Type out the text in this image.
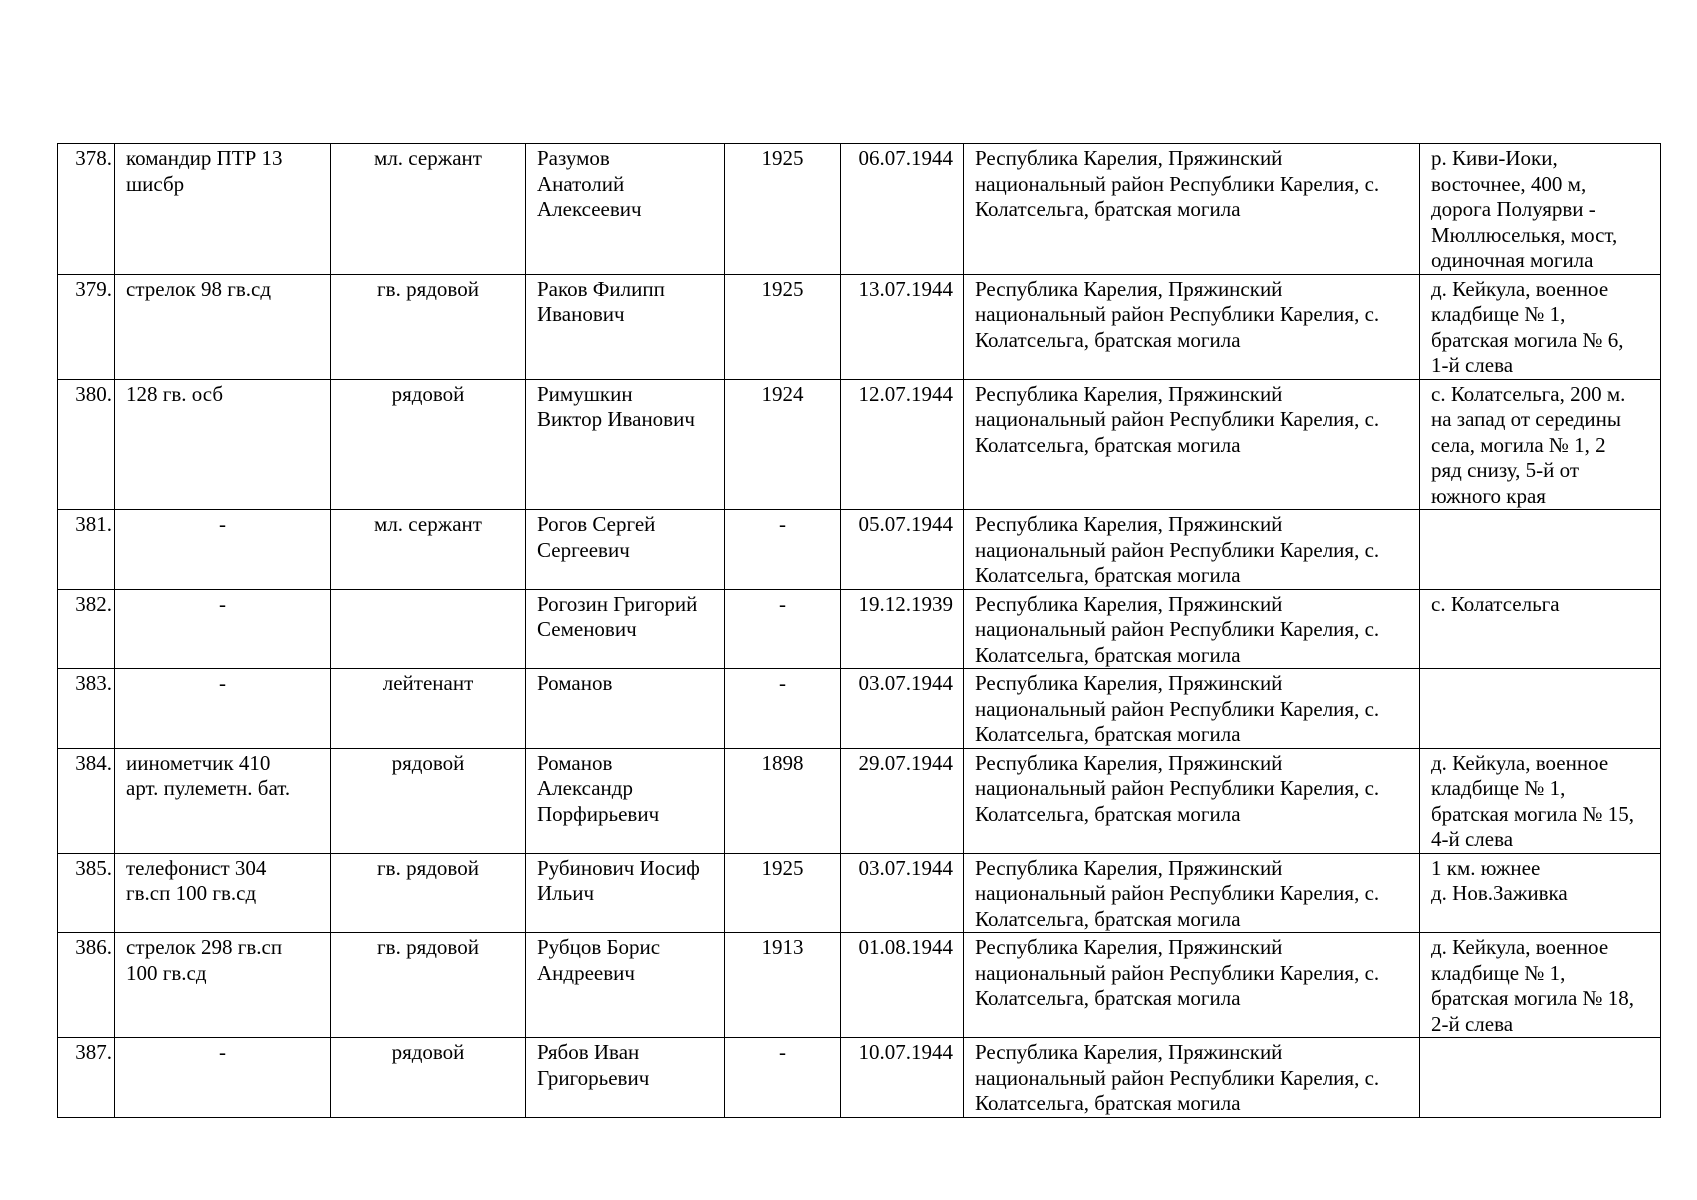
378.	командир ПТР 13
шисбр	мл. сержант	Разумов
Анатолий
Алексеевич	1925	06.07.1944	Республика Карелия, Пряжинский
национальный район Республики Карелия, с.
Колатсельга, братская могила	р. Киви-Иоки,
восточнее, 400 м,
дорога Полуярви -
Мюллюселькя, мост,
одиночная могила

379.	стрелок 98 гв.сд	гв. рядовой	Раков Филипп
Иванович	1925	13.07.1944	Республика Карелия, Пряжинский
национальный район Республики Карелия, с.
Колатсельга, братская могила	д. Кейкула, военное
кладбище № 1,
братская могила № 6,
1-й слева

380.	128 гв. осб	рядовой	Римушкин
Виктор Иванович	1924	12.07.1944	Республика Карелия, Пряжинский
национальный район Республики Карелия, с.
Колатсельга, братская могила	с. Колатсельга, 200 м.
на запад от середины
села, могила № 1, 2
ряд снизу, 5-й от
южного края

381.	-	мл. сержант	Рогов Сергей
Сергеевич	-	05.07.1944	Республика Карелия, Пряжинский
национальный район Республики Карелия, с.
Колатсельга, братская могила	

382.	-		Рогозин Григорий
Семенович	-	19.12.1939	Республика Карелия, Пряжинский
национальный район Республики Карелия, с.
Колатсельга, братская могила	с. Колатсельга

383.	-	лейтенант	Романов	-	03.07.1944	Республика Карелия, Пряжинский
национальный район Республики Карелия, с.
Колатсельга, братская могила	

384.	иинометчик 410
арт. пулеметн. бат.	рядовой	Романов
Александр
Порфирьевич	1898	29.07.1944	Республика Карелия, Пряжинский
национальный район Республики Карелия, с.
Колатсельга, братская могила	д. Кейкула, военное
кладбище № 1,
братская могила № 15,
4-й слева

385.	телефонист 304
гв.сп 100 гв.сд	гв. рядовой	Рубинович Иосиф
Ильич	1925	03.07.1944	Республика Карелия, Пряжинский
национальный район Республики Карелия, с.
Колатсельга, братская могила	1 км. южнее
д. Нов.Заживка

386.	стрелок 298 гв.сп
100 гв.сд	гв. рядовой	Рубцов Борис
Андреевич	1913	01.08.1944	Республика Карелия, Пряжинский
национальный район Республики Карелия, с.
Колатсельга, братская могила	д. Кейкула, военное
кладбище № 1,
братская могила № 18,
2-й слева

387.	-	рядовой	Рябов Иван
Григорьевич	-	10.07.1944	Республика Карелия, Пряжинский
национальный район Республики Карелия, с.
Колатсельга, братская могила	
